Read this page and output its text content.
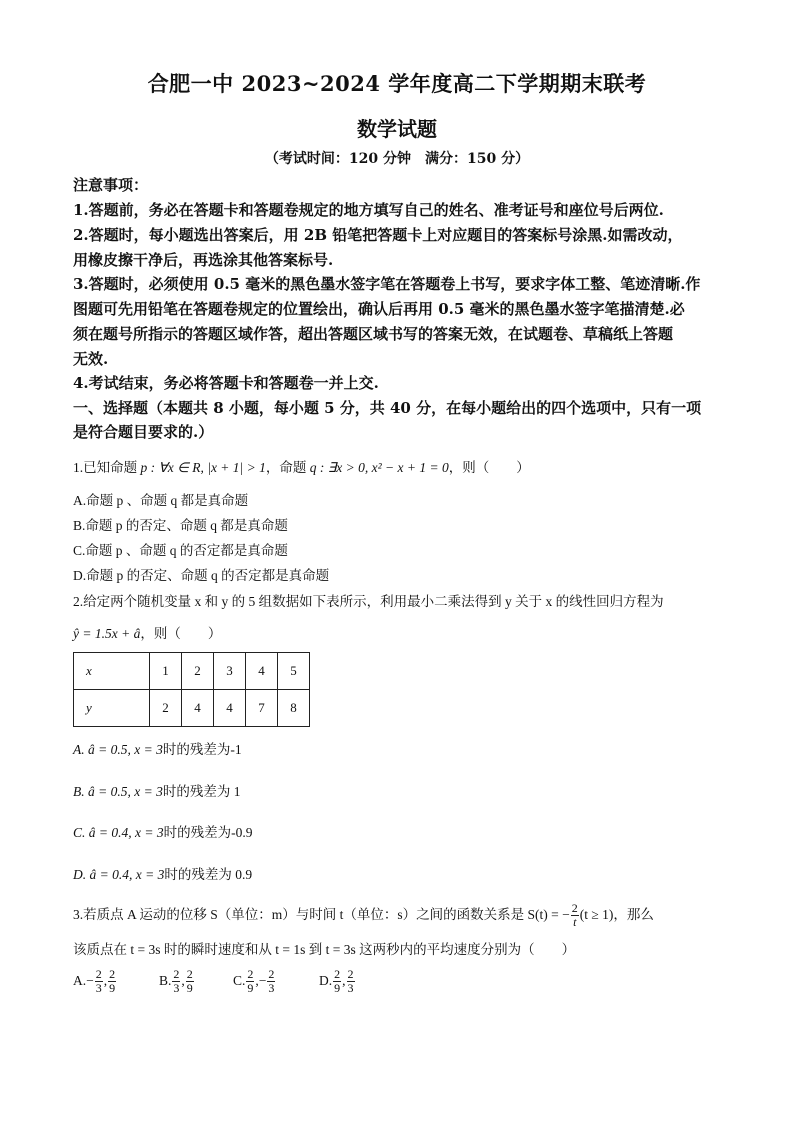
合肥一中 2023~2024 学年度高二下学期期末联考
数学试题
（考试时间：120 分钟　满分：150 分）
注意事项：
1.答题前，务必在答题卡和答题卷规定的地方填写自己的姓名、准考证号和座位号后两位.
2.答题时，每小题选出答案后，用 2B 铅笔把答题卡上对应题目的答案标号涂黑.如需改动，
用橡皮擦干净后，再选涂其他答案标号.
3.答题时，必须使用 0.5 毫米的黑色墨水签字笔在答题卷上书写，要求字体工整、笔迹清晰.作
图题可先用铅笔在答题卷规定的位置绘出，确认后再用 0.5 毫米的黑色墨水签字笔描清楚.必
须在题号所指示的答题区域作答，超出答题区域书写的答案无效，在试题卷、草稿纸上答题
无效.
4.考试结束，务必将答题卡和答题卷一并上交.
一、选择题（本题共 8 小题，每小题 5 分，共 40 分，在每小题给出的四个选项中，只有一项
是符合题目要求的.）
1.已知命题 p : ∀x ∈ R, |x + 1| > 1，命题 q : ∃x > 0, x² − x + 1 = 0，则（　　）
A.命题 p 、命题 q 都是真命题
B.命题 p 的否定、命题 q 都是真命题
C.命题 p 、命题 q 的否定都是真命题
D.命题 p 的否定、命题 q 的否定都是真命题
2.给定两个随机变量 x 和 y 的 5 组数据如下表所示，利用最小二乘法得到 y 关于 x 的线性回归方程为
ŷ = 1.5x + â，则（　　）
x	1	2	3	4	5
y	2	4	4	7	8
A. â = 0.5, x = 3时的残差为-1
B. â = 0.5, x = 3时的残差为 1
C. â = 0.4, x = 3时的残差为-0.9
D. â = 0.4, x = 3时的残差为 0.9
3.若质点 A 运动的位移 S（单位：m）与时间 t（单位：s）之间的函数关系是 S(t) = − $\frac{2}{t} (t \ge 1)$，那么
该质点在 t = 3s 时的瞬时速度和从 t = 1s 到 t = 3s 这两秒内的平均速度分别为（　　）
$A.- \frac{2}{3}$ , $\frac{2}{9}$	B. $\frac{2}{3}$ , $\frac{2}{9}$	C. $\frac{2}{9}$ ,− $\frac{2}{3}$	D. $\frac{2}{9}$ , $\frac{2}{3}$
